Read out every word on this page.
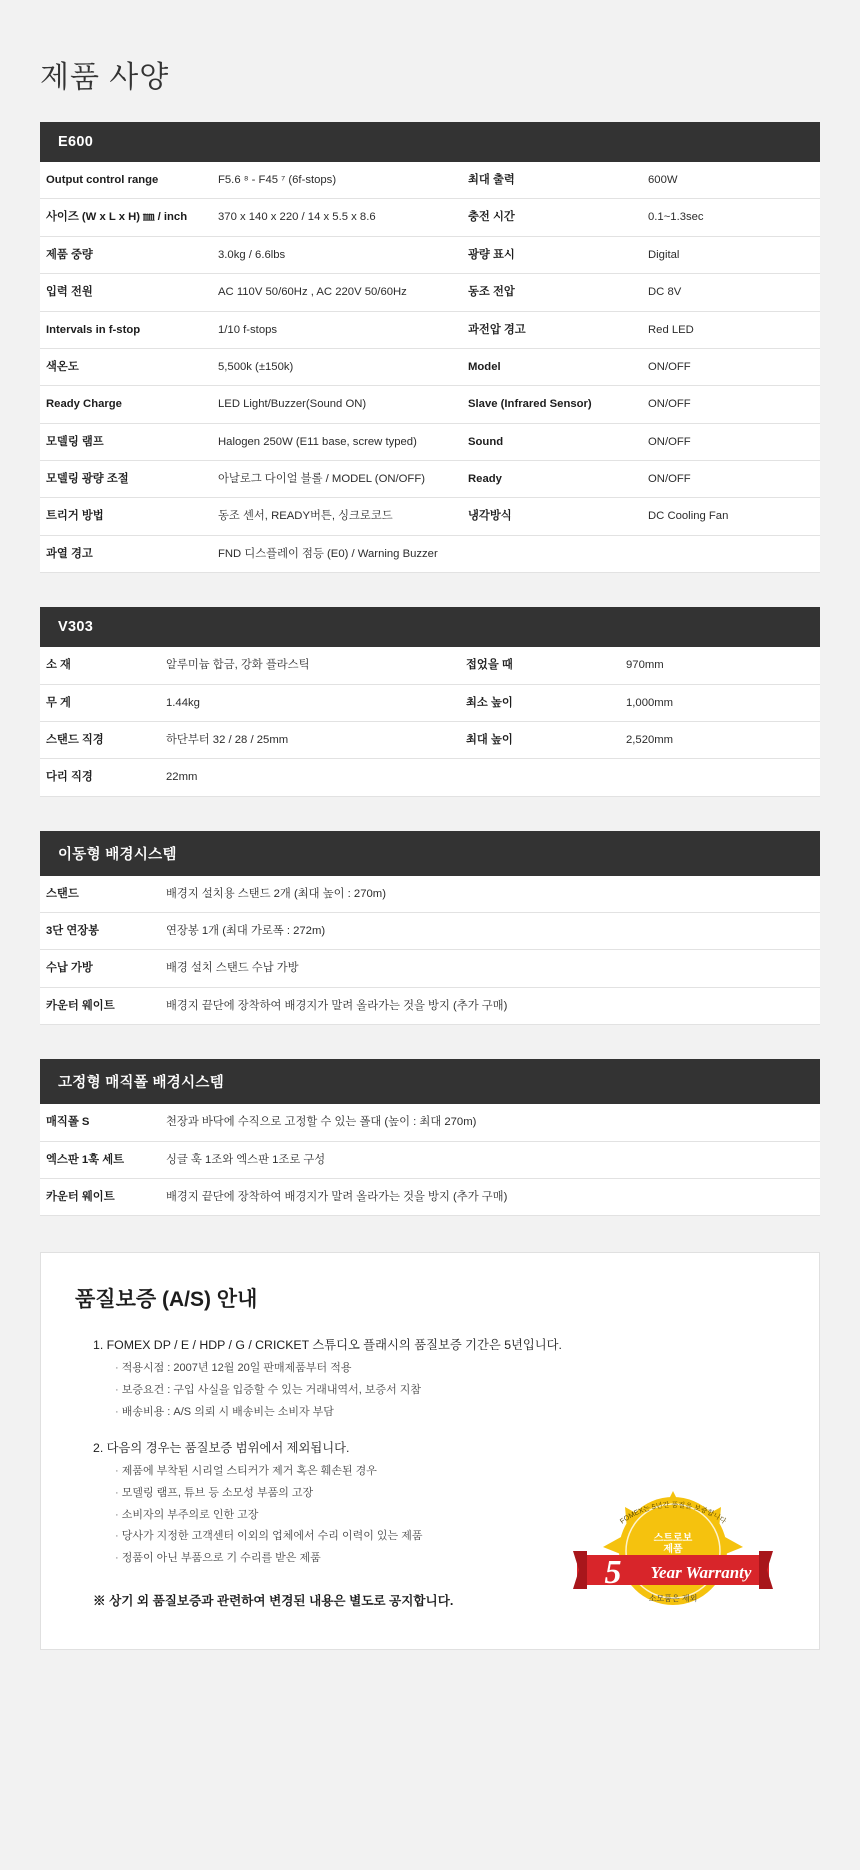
제품 사양
E600
Output control range	F5.6 ⁸ - F45 ⁷ (6f-stops)	최대 출력	600W
사이즈 (W x L x H) ㎜ / inch	370 x 140 x 220 / 14 x 5.5 x 8.6	충전 시간	0.1~1.3sec
제품 중량	3.0kg / 6.6lbs	광량 표시	Digital
입력 전원	AC 110V 50/60Hz , AC 220V 50/60Hz	동조 전압	DC 8V
Intervals in f-stop	1/10 f-stops	과전압 경고	Red LED
색온도	5,500k (±150k)	Model	ON/OFF
Ready Charge	LED Light/Buzzer(Sound ON)	Slave (Infrared Sensor)	ON/OFF
모델링 램프	Halogen 250W (E11 base, screw typed)	Sound	ON/OFF
모델링 광량 조절	아날로그 다이얼 블롤 / MODEL (ON/OFF)	Ready	ON/OFF
트리거 방법	동조 센서, READY버튼, 싱크로코드	냉각방식	DC Cooling Fan
과열 경고	FND 디스플레이 점등 (E0) / Warning Buzzer		
V303
소 재	알루미늄 합금, 강화 플라스틱	접었을 때	970mm
무 게	1.44kg	최소 높이	1,000mm
스탠드 직경	하단부터 32 / 28 / 25mm	최대 높이	2,520mm
다리 직경	22mm		
이동형 배경시스템
스탠드	배경지 설치용 스탠드 2개 (최대 높이 : 270m)
3단 연장봉	연장봉 1개 (최대 가로폭 : 272m)
수납 가방	배경 설치 스탠드 수납 가방
카운터 웨이트	배경지 끝단에 장착하여 배경지가 말려 올라가는 것을 방지 (추가 구매)
고정형 매직폴 배경시스템
매직폴 S	천장과 바닥에 수직으로 고정할 수 있는 폴대 (높이 : 최대 270m)
엑스판 1훅 세트	싱글 훅 1조와 엑스판 1조로 구성
카운터 웨이트	배경지 끝단에 장착하여 배경지가 말려 올라가는 것을 방지 (추가 구매)
품질보증 (A/S) 안내
1. FOMEX DP / E / HDP / G / CRICKET 스튜디오 플래시의 품질보증 기간은 5년입니다.
· 적용시점 : 2007년 12월 20일 판매제품부터 적용
· 보증요건 : 구입 사실을 입증할 수 있는 거래내역서, 보증서 지참
· 배송비용 : A/S 의뢰 시 배송비는 소비자 부담
2. 다음의 경우는 품질보증 범위에서 제외됩니다.
· 제품에 부착된 시리얼 스티커가 제거 혹은 훼손된 경우
· 모델링 램프, 튜브 등 소모성 부품의 고장
· 소비자의 부주의로 인한 고장
· 당사가 지정한 고객센터 이외의 업체에서 수리 이력이 있는 제품
· 정품이 아닌 부품으로 기 수리를 받은 제품
※ 상기 외 품질보증과 관련하여 변경된 내용은 별도로 공지합니다.
FOMEX는 5년간 품질을 보증합니다
스트로보
제품
5 Year Warranty
소모품은 제외
